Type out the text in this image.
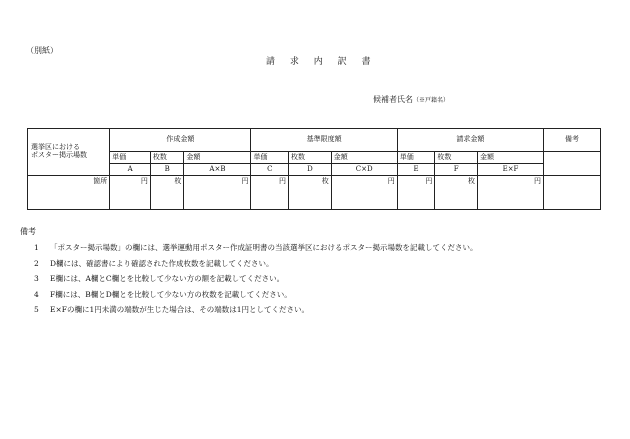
（別紙）
請 求 内 訳 書
候補者氏名（※戸籍名）
選挙区における
ポスター掲示場数	作成金額			基準限度額			請求金額			備考
	単価	枚数	金額	単価	枚数	金額	単価	枚数	金額	
	A	B	A×B	C	D	C×D	E	F	E×F	
箇所	円	枚	円	円	枚	円	円	枚	円	
備考
1 「ポスター掲示場数」の欄には、選挙運動用ポスター作成証明書の当該選挙区におけるポスター掲示場数を記載してください。
2 D欄には、確認書により確認された作成枚数を記載してください。
3 E欄には、A欄とC欄とを比較して少ない方の額を記載してください。
4 F欄には、B欄とD欄とを比較して少ない方の枚数を記載してください。
5 E×Fの欄に1円未満の端数が生じた場合は、その端数は1円としてください。
